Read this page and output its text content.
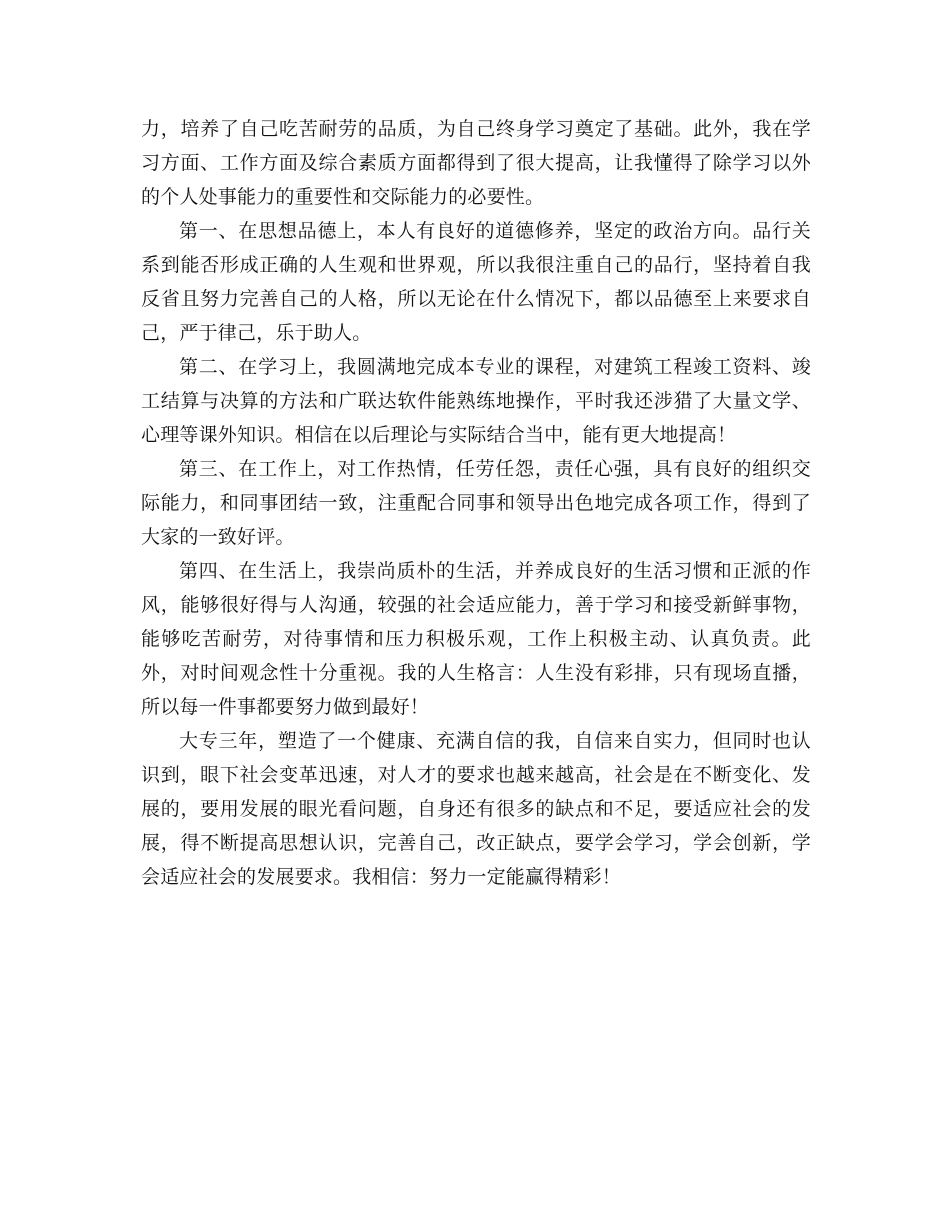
力，培养了自己吃苦耐劳的品质，为自己终身学习奠定了基础。此外，我在学习方面、工作方面及综合素质方面都得到了很大提高，让我懂得了除学习以外的个人处事能力的重要性和交际能力的必要性。

第一、在思想品德上，本人有良好的道德修养，坚定的政治方向。品行关系到能否形成正确的人生观和世界观，所以我很注重自己的品行，坚持着自我反省且努力完善自己的人格，所以无论在什么情况下，都以品德至上来要求自己，严于律己，乐于助人。

第二、在学习上，我圆满地完成本专业的课程，对建筑工程竣工资料、竣工结算与决算的方法和广联达软件能熟练地操作，平时我还涉猎了大量文学、心理等课外知识。相信在以后理论与实际结合当中，能有更大地提高！

第三、在工作上，对工作热情，任劳任怨，责任心强，具有良好的组织交际能力，和同事团结一致，注重配合同事和领导出色地完成各项工作，得到了大家的一致好评。

第四、在生活上，我崇尚质朴的生活，并养成良好的生活习惯和正派的作风，能够很好得与人沟通，较强的社会适应能力，善于学习和接受新鲜事物，能够吃苦耐劳，对待事情和压力积极乐观，工作上积极主动、认真负责。此外，对时间观念性十分重视。我的人生格言：人生没有彩排，只有现场直播，所以每一件事都要努力做到最好！

大专三年，塑造了一个健康、充满自信的我，自信来自实力，但同时也认识到，眼下社会变革迅速，对人才的要求也越来越高，社会是在不断变化、发展的，要用发展的眼光看问题，自身还有很多的缺点和不足，要适应社会的发展，得不断提高思想认识，完善自己，改正缺点，要学会学习，学会创新，学会适应社会的发展要求。我相信：努力一定能赢得精彩！
